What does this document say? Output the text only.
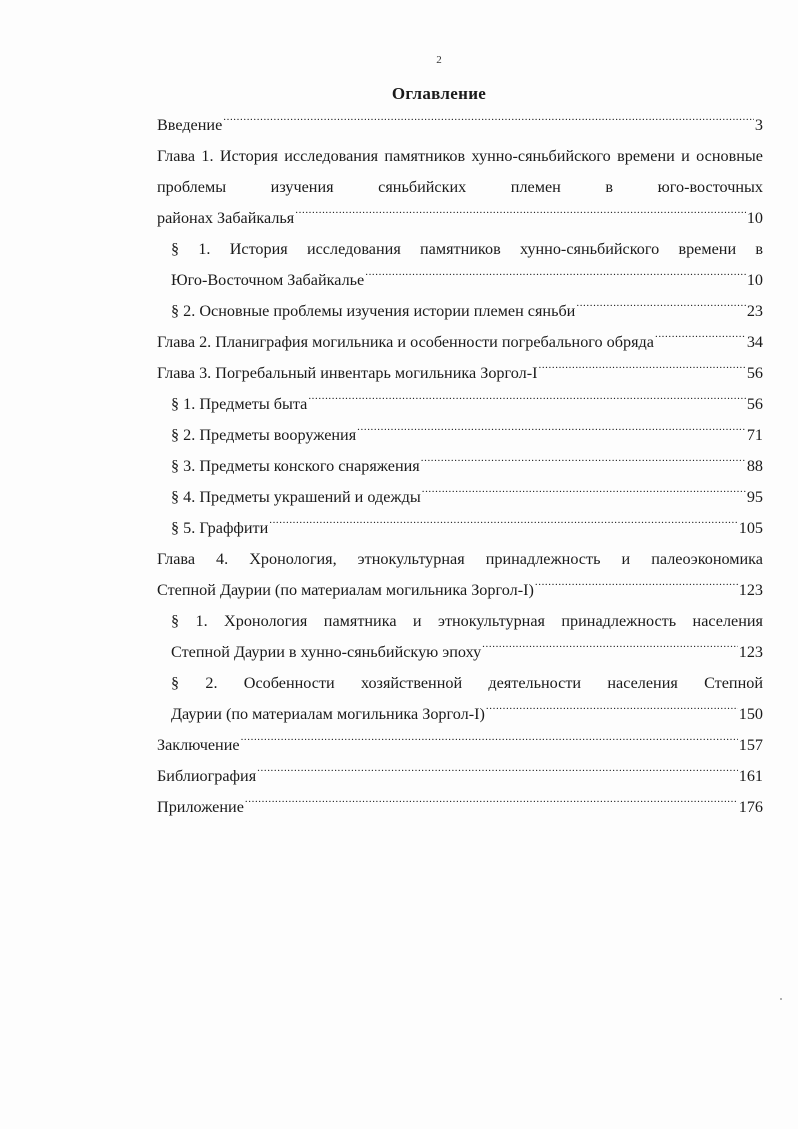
2
Оглавление
Введение .....	3
Глава 1. История исследования памятников хунно-сяньбийского времени и основные проблемы изучения сяньбийских племен в юго-восточных
районах Забайкалья .....	10
§ 1. История исследования памятников хунно-сяньбийского времени в
Юго-Восточном Забайкалье .....	10
§ 2. Основные проблемы изучения истории племен сяньби .....	23
Глава 2. Планиграфия могильника и особенности погребального обряда .....	34
Глава 3. Погребальный инвентарь могильника Зоргол-I .....	56
§ 1. Предметы быта .....	56
§ 2. Предметы вооружения .....	71
§ 3. Предметы конского снаряжения .....	88
§ 4. Предметы украшений и одежды .....	95
§ 5. Граффити .....	105
Глава 4. Хронология, этнокультурная принадлежность и палеоэкономика
Степной Даурии (по материалам могильника Зоргол-I) .....	123
§ 1. Хронология памятника и этнокультурная принадлежность населения
Степной Даурии в хунно-сяньбийскую эпоху .....	123
§ 2. Особенности хозяйственной деятельности населения Степной
Даурии (по материалам могильника Зоргол-I) .....	150
Заключение .....	157
Библиография .....	161
Приложение .....	176
